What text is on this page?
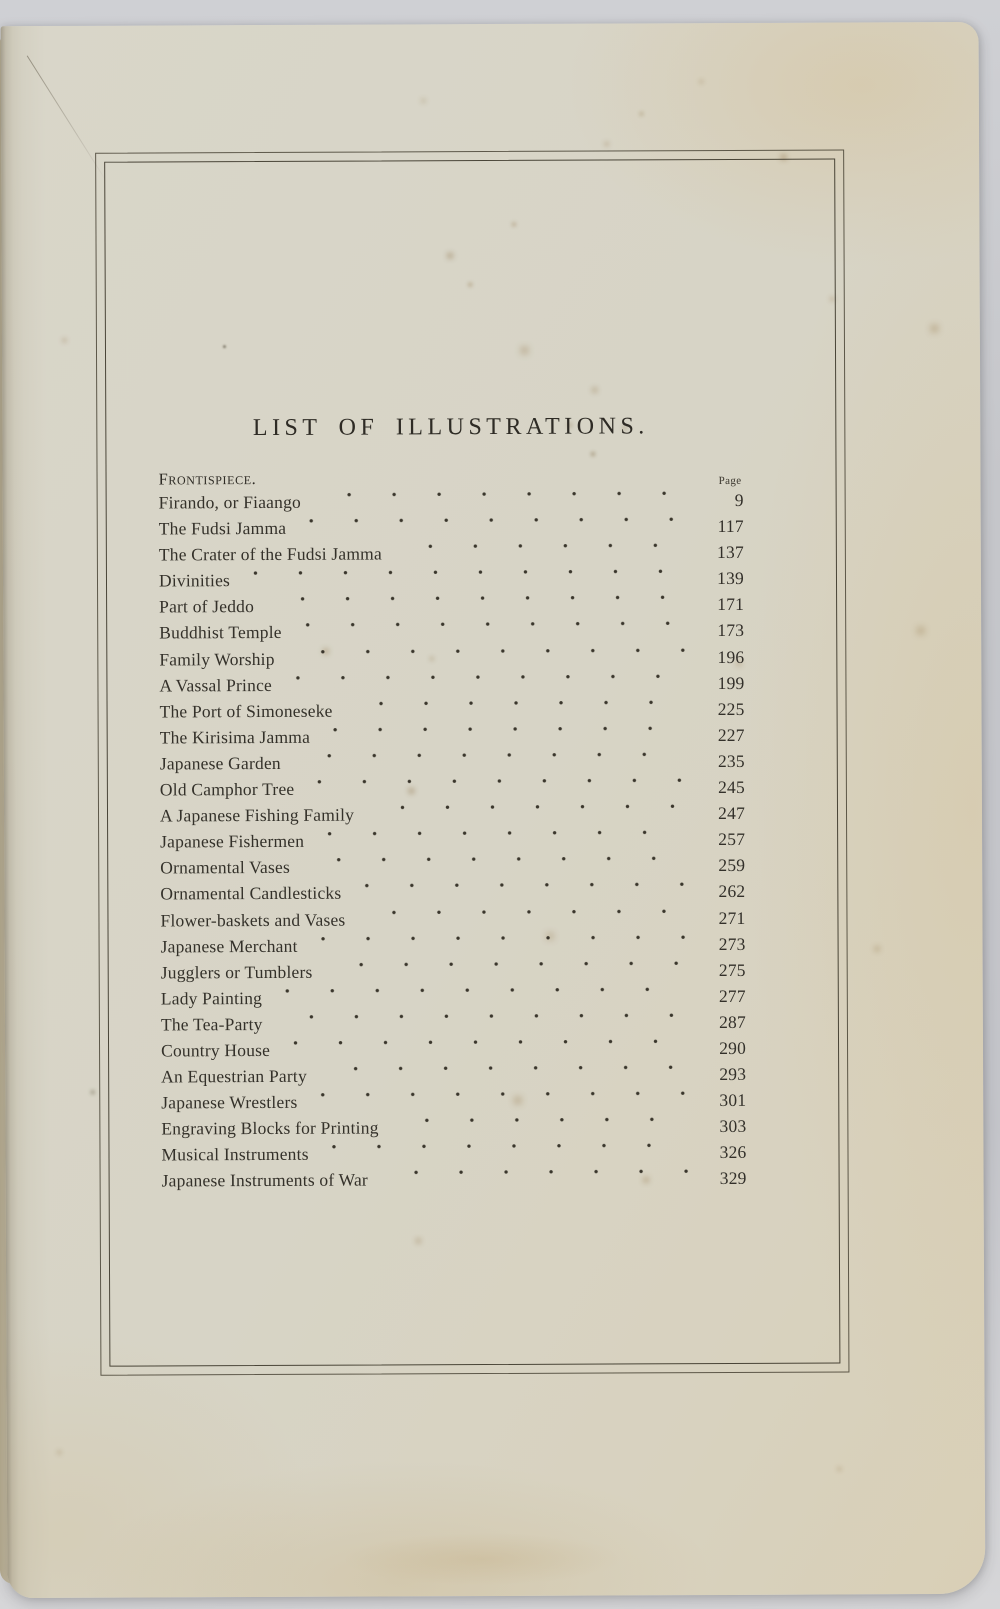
LIST OF ILLUSTRATIONS.
Frontispiece.	Page
Firando, or Fiaango	9
The Fudsi Jamma	117
The Crater of the Fudsi Jamma	137
Divinities	139
Part of Jeddo	171
Buddhist Temple	173
Family Worship	196
A Vassal Prince	199
The Port of Simoneseke	225
The Kirisima Jamma	227
Japanese Garden	235
Old Camphor Tree	245
A Japanese Fishing Family	247
Japanese Fishermen	257
Ornamental Vases	259
Ornamental Candlesticks	262
Flower-baskets and Vases	271
Japanese Merchant	273
Jugglers or Tumblers	275
Lady Painting	277
The Tea-Party	287
Country House	290
An Equestrian Party	293
Japanese Wrestlers	301
Engraving Blocks for Printing	303
Musical Instruments	326
Japanese Instruments of War	329
